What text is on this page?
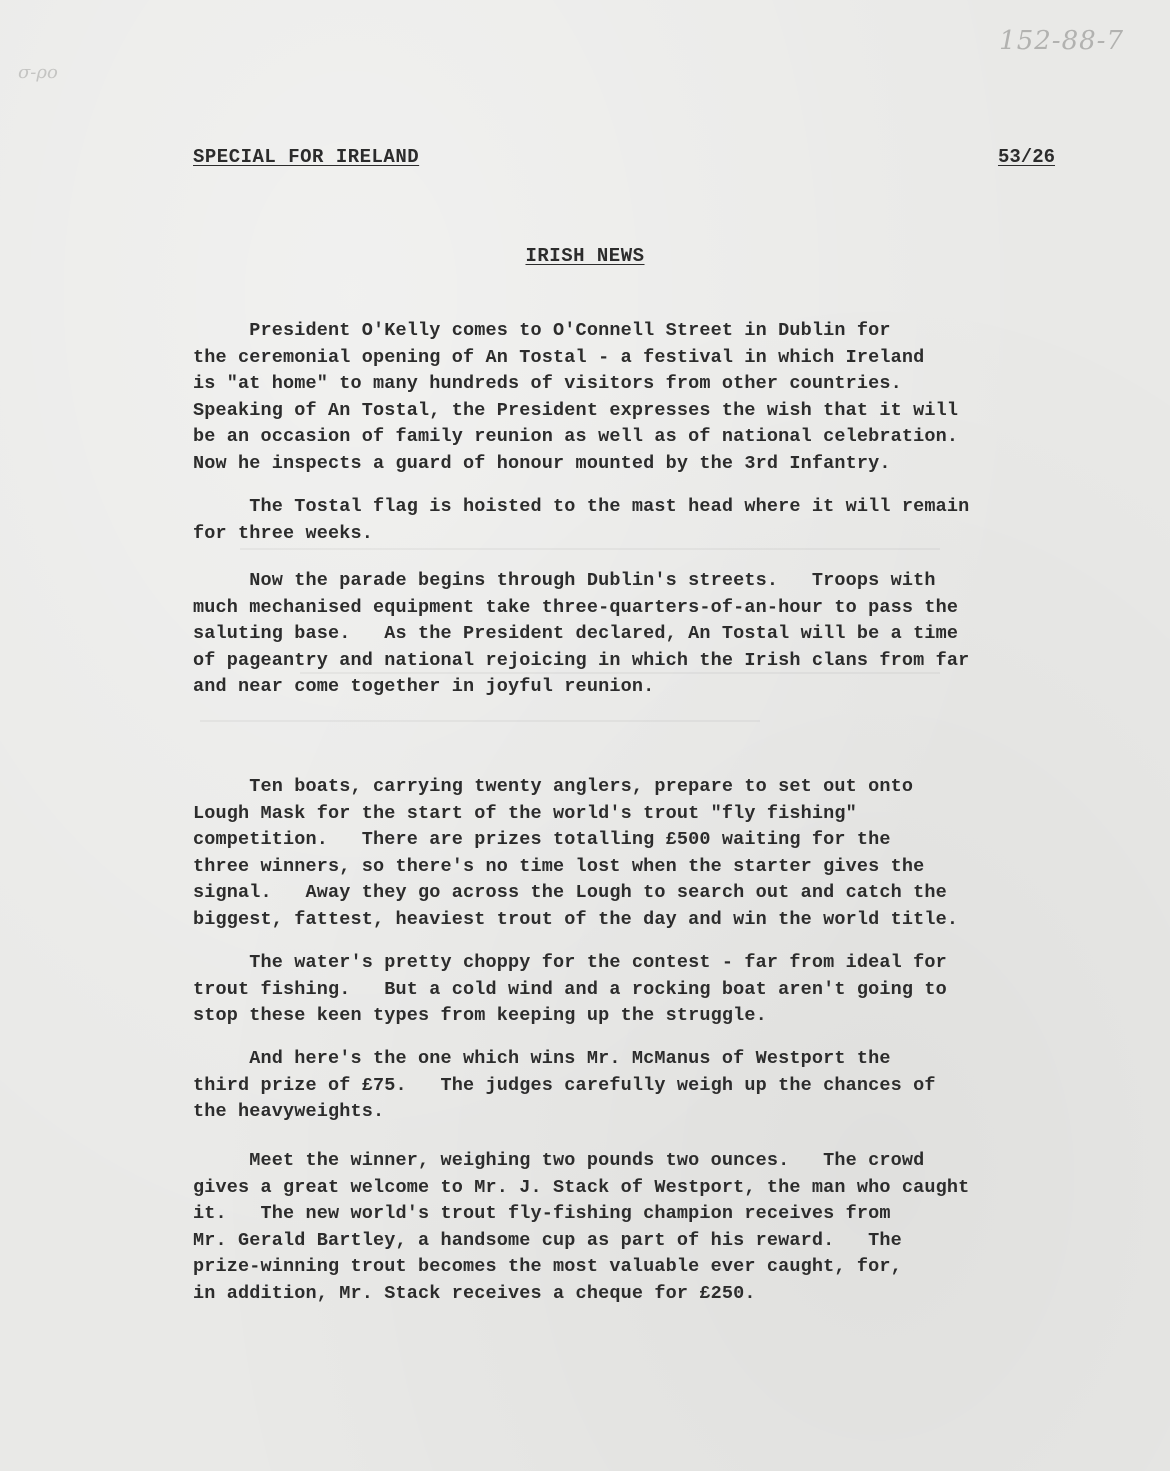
152-88-7
σ-ρο
SPECIAL FOR IRELAND	53/26
IRISH NEWS

President O'Kelly comes to O'Connell Street in Dublin for
the ceremonial opening of An Tostal - a festival in which Ireland
is "at home" to many hundreds of visitors from other countries.
Speaking of An Tostal, the President expresses the wish that it will
be an occasion of family reunion as well as of national celebration.
Now he inspects a guard of honour mounted by the 3rd Infantry.

The Tostal flag is hoisted to the mast head where it will remain
for three weeks.

Now the parade begins through Dublin's streets.   Troops with
much mechanised equipment take three-quarters-of-an-hour to pass the
saluting base.   As the President declared, An Tostal will be a time
of pageantry and national rejoicing in which the Irish clans from far
and near come together in joyful reunion.

Ten boats, carrying twenty anglers, prepare to set out onto
Lough Mask for the start of the world's trout "fly fishing"
competition.   There are prizes totalling £500 waiting for the
three winners, so there's no time lost when the starter gives the
signal.   Away they go across the Lough to search out and catch the
biggest, fattest, heaviest trout of the day and win the world title.

The water's pretty choppy for the contest - far from ideal for
trout fishing.   But a cold wind and a rocking boat aren't going to
stop these keen types from keeping up the struggle.

And here's the one which wins Mr. McManus of Westport the
third prize of £75.   The judges carefully weigh up the chances of
the heavyweights.

Meet the winner, weighing two pounds two ounces.   The crowd
gives a great welcome to Mr. J. Stack of Westport, the man who caught
it.   The new world's trout fly-fishing champion receives from
Mr. Gerald Bartley, a handsome cup as part of his reward.   The
prize-winning trout becomes the most valuable ever caught, for,
in addition, Mr. Stack receives a cheque for £250.
